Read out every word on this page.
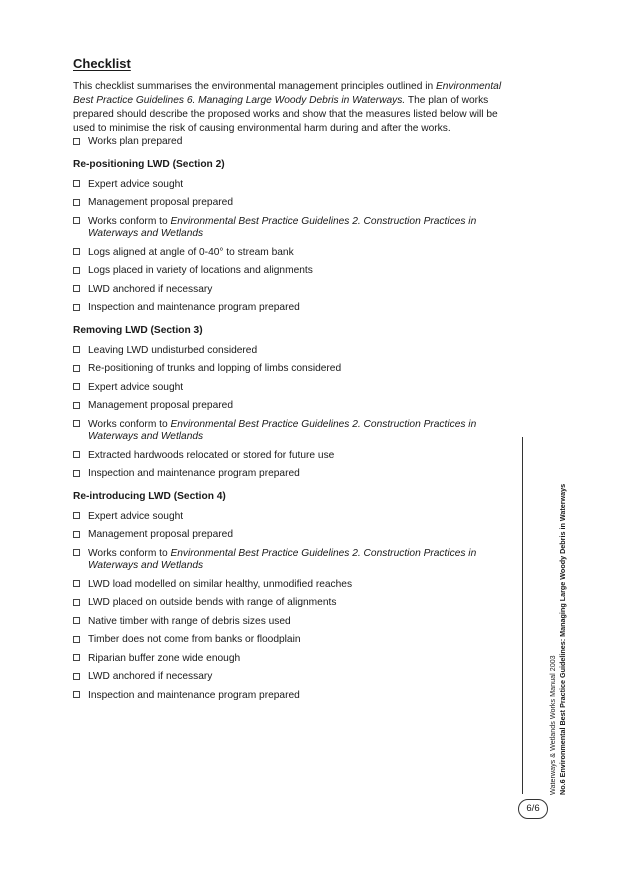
Checklist

This checklist summarises the environmental management principles outlined in Environmental Best Practice Guidelines 6. Managing Large Woody Debris in Waterways. The plan of works prepared should describe the proposed works and show that the measures listed below will be used to minimise the risk of causing environmental harm during and after the works.

Works plan prepared
Re-positioning LWD (Section 2)
Expert advice sought
Management proposal prepared
Works conform to Environmental Best Practice Guidelines 2. Construction Practices in Waterways and Wetlands
Logs aligned at angle of 0-40° to stream bank
Logs placed in variety of locations and alignments
LWD anchored if necessary
Inspection and maintenance program prepared
Removing LWD (Section 3)
Leaving LWD undisturbed considered
Re-positioning of trunks and lopping of limbs considered
Expert advice sought
Management proposal prepared
Works conform to Environmental Best Practice Guidelines 2. Construction Practices in Waterways and Wetlands
Extracted hardwoods relocated or stored for future use
Inspection and maintenance program prepared
Re-introducing LWD (Section 4)
Expert advice sought
Management proposal prepared
Works conform to Environmental Best Practice Guidelines 2. Construction Practices in Waterways and Wetlands
LWD load modelled on similar healthy, unmodified reaches
LWD placed on outside bends with range of alignments
Native timber with range of debris sizes used
Timber does not come from banks or floodplain
Riparian buffer zone wide enough
LWD anchored if necessary
Inspection and maintenance program prepared	Waterways & Wetlands Works Manual 2003 No.6 Environmental Best Practice Guidelines: Managing Large Woody Debris in Waterways
6/6
